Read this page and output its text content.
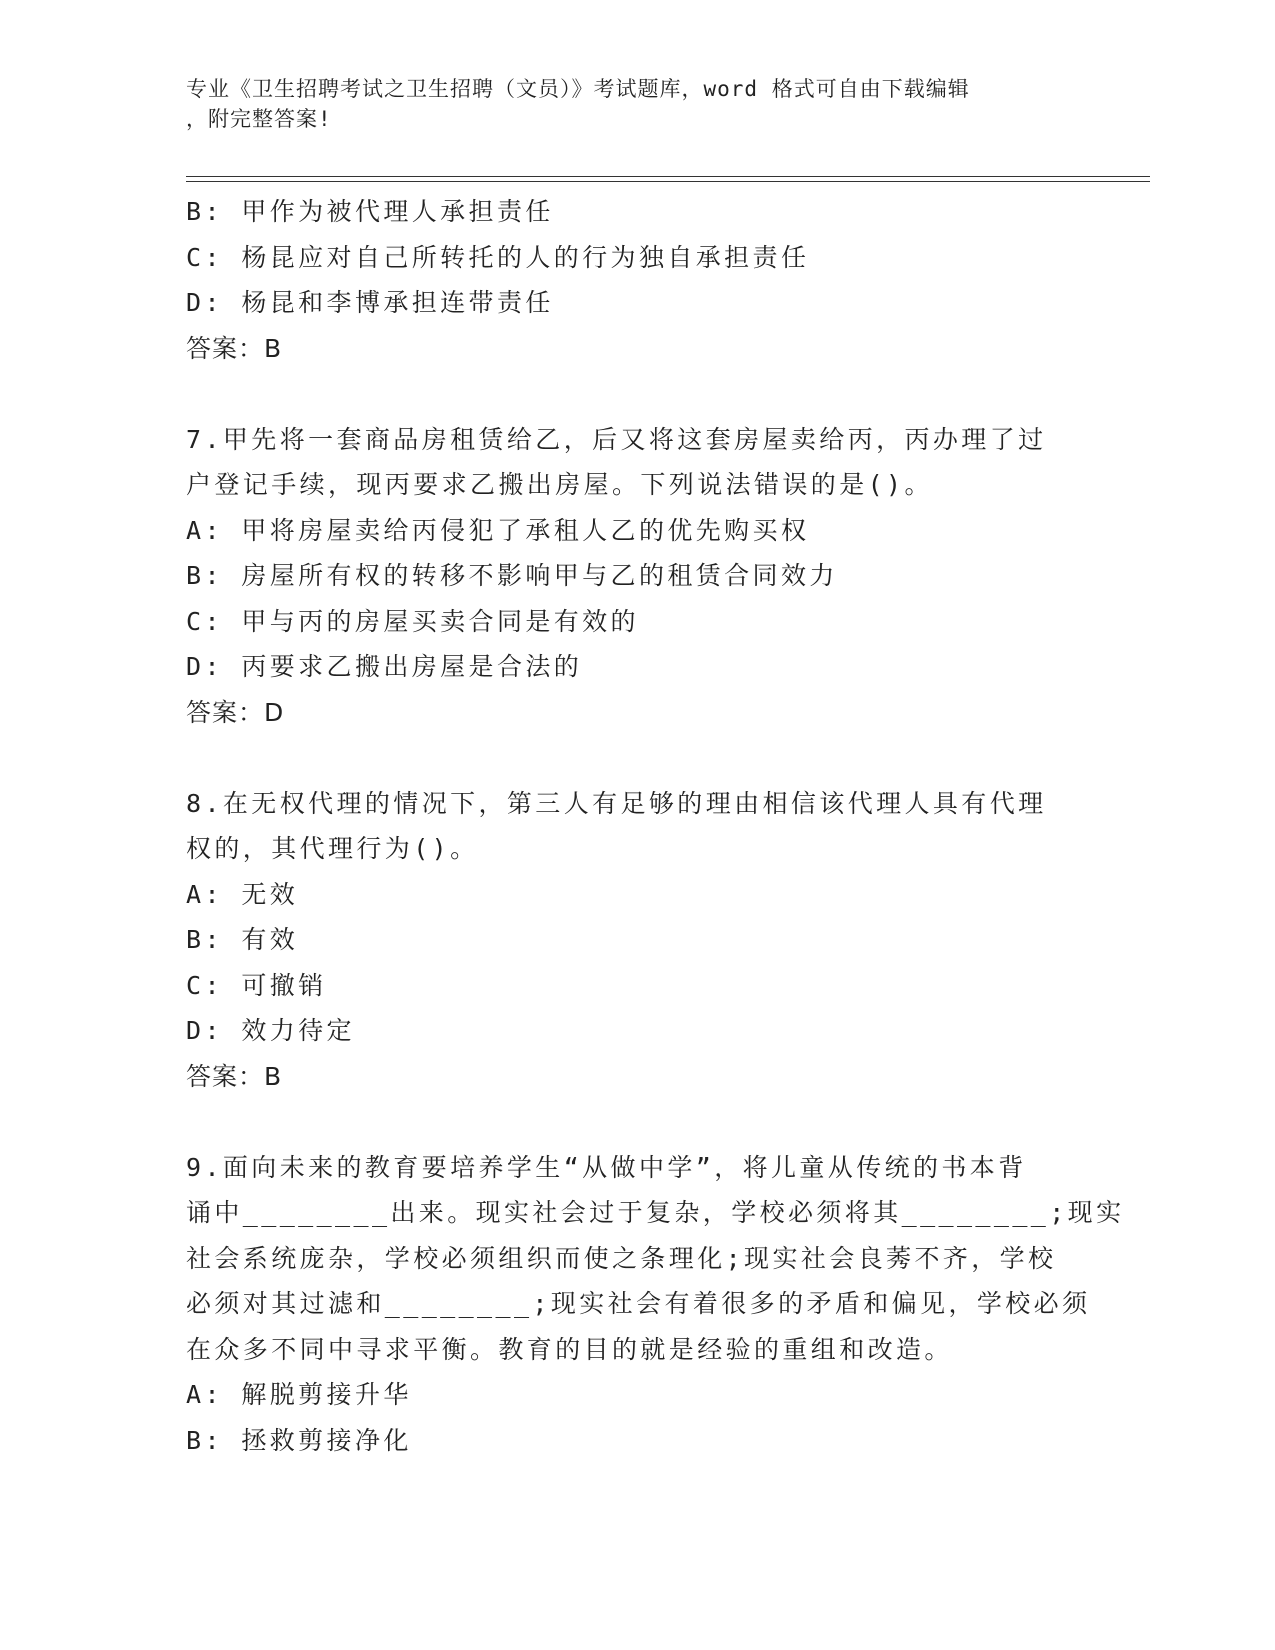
专业《卫生招聘考试之卫生招聘（文员）》考试题库，word 格式可自由下载编辑
，附完整答案!
B: 甲作为被代理人承担责任
C: 杨昆应对自己所转托的人的行为独自承担责任
D: 杨昆和李博承担连带责任
答案：B
7.甲先将一套商品房租赁给乙，后又将这套房屋卖给丙，丙办理了过
户登记手续，现丙要求乙搬出房屋。下列说法错误的是()。
A: 甲将房屋卖给丙侵犯了承租人乙的优先购买权
B: 房屋所有权的转移不影响甲与乙的租赁合同效力
C: 甲与丙的房屋买卖合同是有效的
D: 丙要求乙搬出房屋是合法的
答案：D
8.在无权代理的情况下，第三人有足够的理由相信该代理人具有代理
权的，其代理行为()。
A: 无效
B: 有效
C: 可撤销
D: 效力待定
答案：B
9.面向未来的教育要培养学生“从做中学”，将儿童从传统的书本背
诵中________出来。现实社会过于复杂，学校必须将其________;现实
社会系统庞杂，学校必须组织而使之条理化;现实社会良莠不齐，学校
必须对其过滤和________;现实社会有着很多的矛盾和偏见，学校必须
在众多不同中寻求平衡。教育的目的就是经验的重组和改造。
A: 解脱剪接升华
B: 拯救剪接净化
